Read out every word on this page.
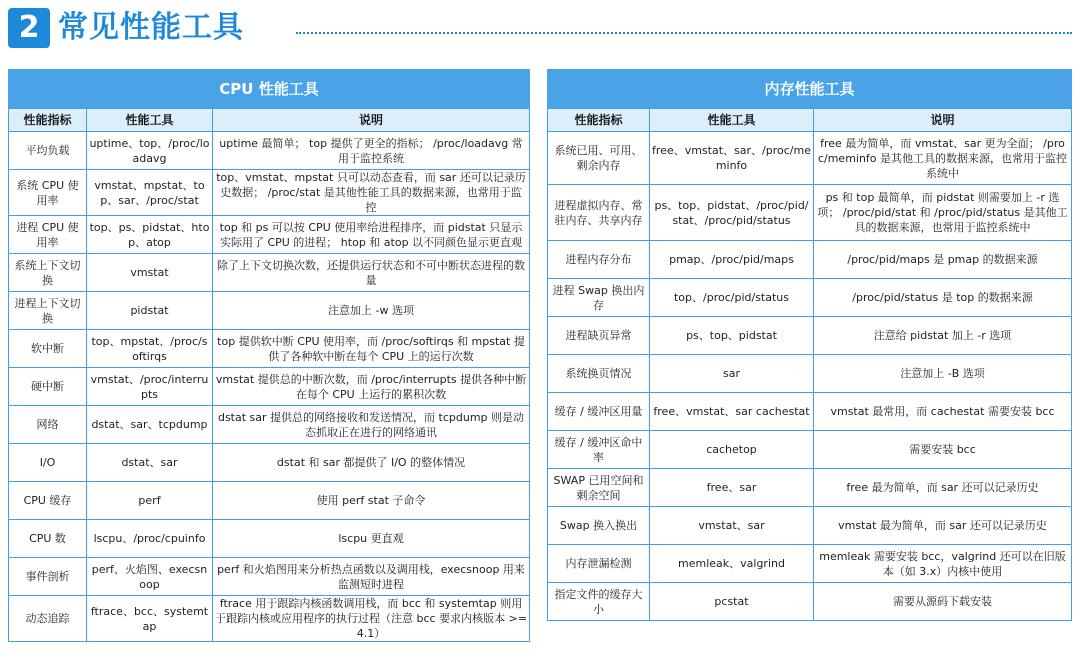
2 常见性能工具
CPU 性能工具		
性能指标	性能工具	说明
平均负载	uptime、top、/proc/loadavg	uptime 最简单； top 提供了更全的指标； /proc/loadavg 常用于监控系统
系统 CPU 使用率	vmstat、mpstat、top、sar、/proc/stat	top、vmstat、mpstat 只可以动态查看，而 sar 还可以记录历史数据； /proc/stat 是其他性能工具的数据来源，也常用于监控
进程 CPU 使用率	top、ps、pidstat、htop、atop	top 和 ps 可以按 CPU 使用率给进程排序，而 pidstat 只显示实际用了 CPU 的进程； htop 和 atop 以不同颜色显示更直观
系统上下文切换	vmstat	除了上下文切换次数，还提供运行状态和不可中断状态进程的数量
进程上下文切换	pidstat	注意加上 -w 选项
软中断	top、mpstat、/proc/softirqs	top 提供软中断 CPU 使用率，而 /proc/softirqs 和 mpstat 提供了各种软中断在每个 CPU 上的运行次数
硬中断	vmstat、/proc/interrupts	vmstat 提供总的中断次数，而 /proc/interrupts 提供各种中断在每个 CPU 上运行的累积次数
网络	dstat、sar、tcpdump	dstat sar 提供总的网络接收和发送情况，而 tcpdump 则是动态抓取正在进行的网络通讯
I/O	dstat、sar	dstat 和 sar 都提供了 I/O 的整体情况
CPU 缓存	perf	使用 perf stat 子命令
CPU 数	lscpu、/proc/cpuinfo	lscpu 更直观
事件剖析	perf、火焰图、execsnoop	perf 和火焰图用来分析热点函数以及调用栈，execsnoop 用来监测短时进程
动态追踪	ftrace、bcc、systemtap	ftrace 用于跟踪内核函数调用栈，而 bcc 和 systemtap 则用于跟踪内核或应用程序的执行过程（注意 bcc 要求内核版本 >=4.1）
内存性能工具		
性能指标	性能工具	说明
系统已用、可用、剩余内存	free、vmstat、sar、/proc/meminfo	free 最为简单，而 vmstat、sar 更为全面； /proc/meminfo 是其他工具的数据来源，也常用于监控系统中
进程虚拟内存、常驻内存、共享内存	ps、top、pidstat、/proc/pid/stat、/proc/pid/status	ps 和 top 最简单，而 pidstat 则需要加上 -r 选项； /proc/pid/stat 和 /proc/pid/status 是其他工具的数据来源，也常用于监控系统中
进程内存分布	pmap、/proc/pid/maps	/proc/pid/maps 是 pmap 的数据来源
进程 Swap 换出内存	top、/proc/pid/status	/proc/pid/status 是 top 的数据来源
进程缺页异常	ps、top、pidstat	注意给 pidstat 加上 -r 选项
系统换页情况	sar	注意加上 -B 选项
缓存 / 缓冲区用量	free、vmstat、sar cachestat	vmstat 最常用，而 cachestat 需要安装 bcc
缓存 / 缓冲区命中率	cachetop	需要安装 bcc
SWAP 已用空间和剩余空间	free、sar	free 最为简单，而 sar 还可以记录历史
Swap 换入换出	vmstat、sar	vmstat 最为简单，而 sar 还可以记录历史
内存泄漏检测	memleak、valgrind	memleak 需要安装 bcc，valgrind 还可以在旧版本（如 3.x）内核中使用
指定文件的缓存大小	pcstat	需要从源码下载安装
